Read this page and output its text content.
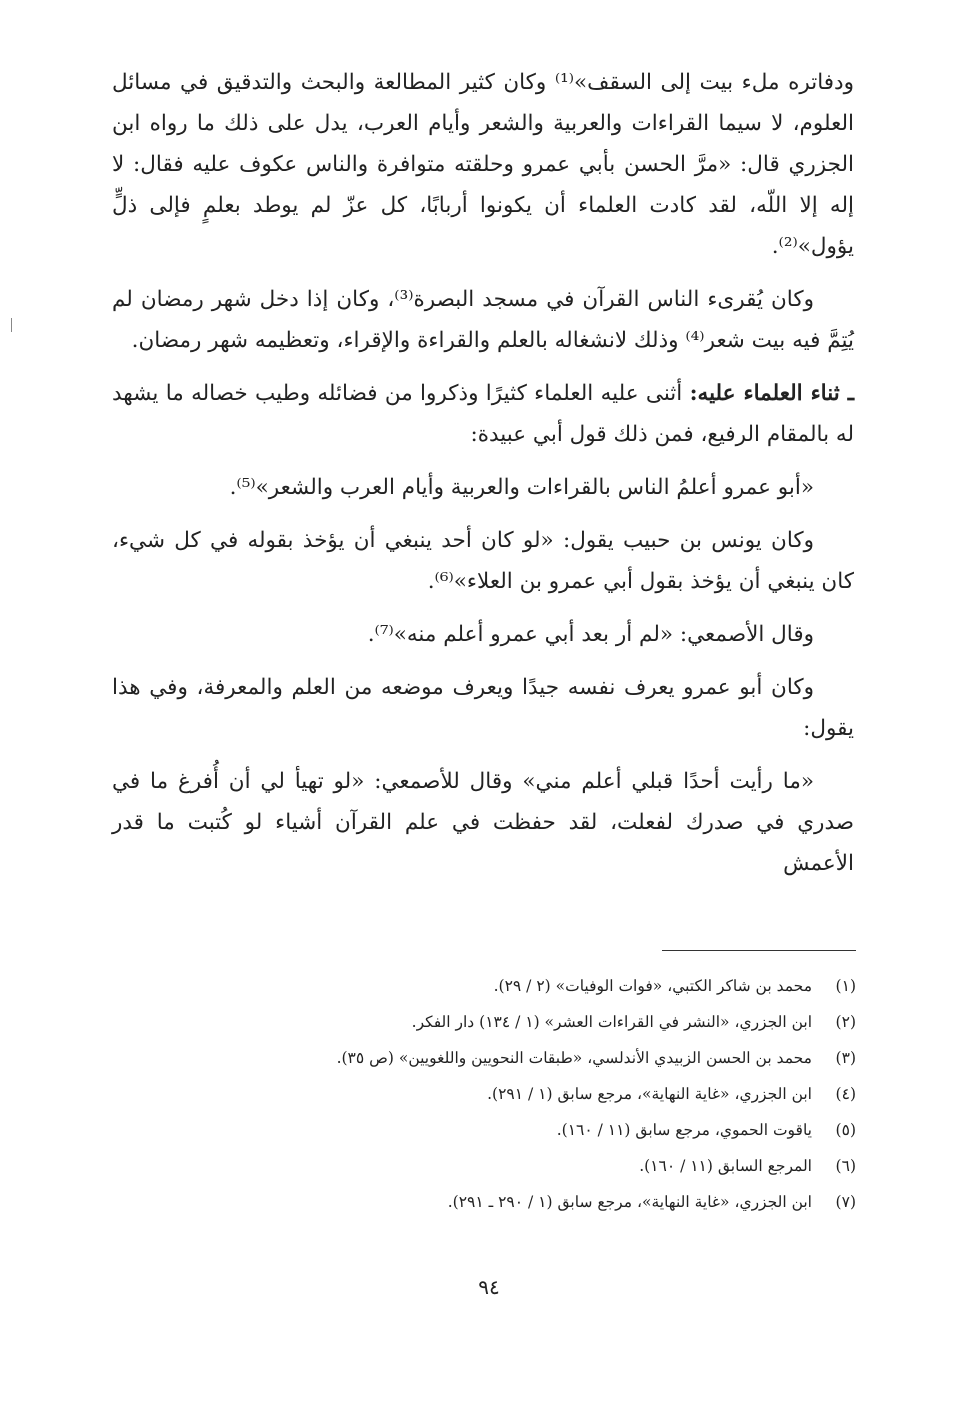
ودفاتره ملء بيت إلى السقف»⁽¹⁾ وكان كثير المطالعة والبحث والتدقيق في مسائل العلوم، لا سيما القراءات والعربية والشعر وأيام العرب، يدل على ذلك ما رواه ابن الجزري قال: «مرَّ الحسن بأبي عمرو وحلقته متوافرة والناس عكوف عليه فقال: لا إله إلا اللّه، لقد كادت العلماء أن يكونوا أربابًا، كل عزّ لم يوطد بعلمٍ فإلى ذلٍّ يؤول»⁽²⁾.

وكان يُقرىء الناس القرآن في مسجد البصرة⁽³⁾، وكان إذا دخل شهر رمضان لم يُتِمَّ فيه بيت شعر⁽⁴⁾ وذلك لانشغاله بالعلم والقراءة والإقراء، وتعظيمه شهر رمضان.

ـ ثناء العلماء عليه: أثنى عليه العلماء كثيرًا وذكروا من فضائله وطيب خصاله ما يشهد له بالمقام الرفيع، فمن ذلك قول أبي عبيدة:

«أبو عمرو أعلمُ الناس بالقراءات والعربية وأيام العرب والشعر»⁽⁵⁾.

وكان يونس بن حبيب يقول: «لو كان أحد ينبغي أن يؤخذ بقوله في كل شيء، كان ينبغي أن يؤخذ بقول أبي عمرو بن العلاء»⁽⁶⁾.

وقال الأصمعي: «لم أر بعد أبي عمرو أعلم منه»⁽⁷⁾.

وكان أبو عمرو يعرف نفسه جيدًا ويعرف موضعه من العلم والمعرفة، وفي هذا يقول:

«ما رأيت أحدًا قبلي أعلم مني» وقال للأصمعي: «لو تهيأ لي أن أُفرغ ما في صدري في صدرك لفعلت، لقد حفظت في علم القرآن أشياء لو كُتبت ما قدر الأعمش

(١)محمد بن شاكر الكتبي، «فوات الوفيات» (٢ / ٢٩).
(٢)ابن الجزري، «النشر في القراءات العشر» (١ / ١٣٤) دار الفكر.
(٣)محمد بن الحسن الزبيدي الأندلسي، «طبقات النحويين واللغويين» (ص ٣٥).
(٤)ابن الجزري، «غاية النهاية»، مرجع سابق (١ / ٢٩١).
(٥)ياقوت الحموي، مرجع سابق (١١ / ١٦٠).
(٦)المرجع السابق (١١ / ١٦٠).
(٧)ابن الجزري، «غاية النهاية»، مرجع سابق (١ / ٢٩٠ ـ ٢٩١).
٩٤
